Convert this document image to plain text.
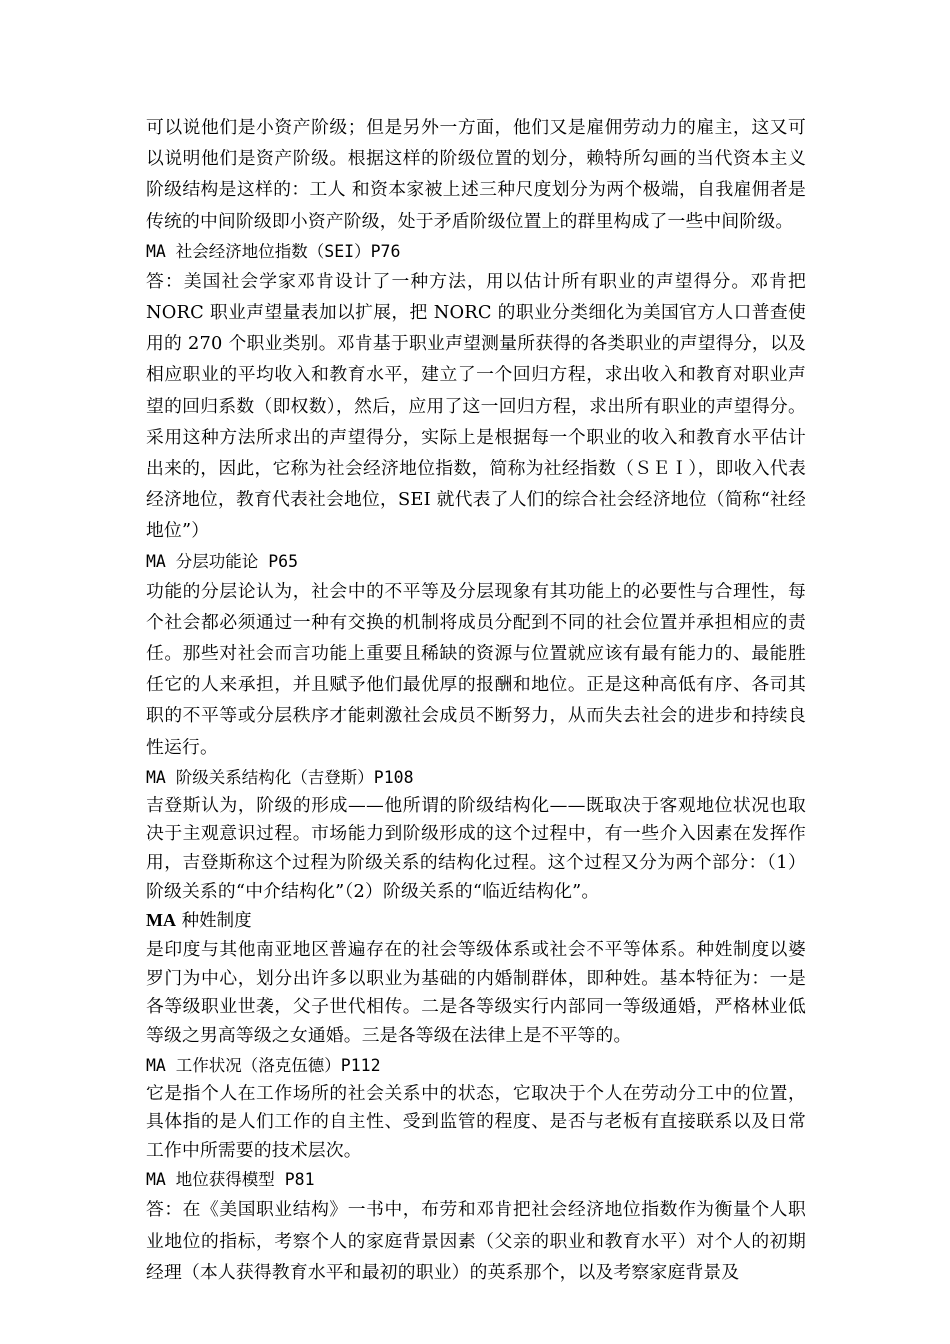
可以说他们是小资产阶级；但是另外一方面，他们又是雇佣劳动力的雇主，这又可以说明他们是资产阶级。根据这样的阶级位置的划分，赖特所勾画的当代资本主义阶级结构是这样的：工人 和资本家被上述三种尺度划分为两个极端，自我雇佣者是传统的中间阶级即小资产阶级，处于矛盾阶级位置上的群里构成了一些中间阶级。

MA 社会经济地位指数（SEI）P76

答：美国社会学家邓肯设计了一种方法，用以估计所有职业的声望得分。邓肯把 NORC 职业声望量表加以扩展，把 NORC 的职业分类细化为美国官方人口普查使用的 270 个职业类别。邓肯基于职业声望测量所获得的各类职业的声望得分，以及相应职业的平均收入和教育水平，建立了一个回归方程，求出收入和教育对职业声望的回归系数（即权数），然后，应用了这一回归方程，求出所有职业的声望得分。采用这种方法所求出的声望得分，实际上是根据每一个职业的收入和教育水平估计出来的，因此，它称为社会经济地位指数，简称为社经指数（ＳＥＩ），即收入代表经济地位，教育代表社会地位，SEI 就代表了人们的综合社会经济地位（简称“社经地位”）

MA 分层功能论 P65

功能的分层论认为，社会中的不平等及分层现象有其功能上的必要性与合理性，每个社会都必须通过一种有交换的机制将成员分配到不同的社会位置并承担相应的责任。那些对社会而言功能上重要且稀缺的资源与位置就应该有最有能力的、最能胜任它的人来承担，并且赋予他们最优厚的报酬和地位。正是这种高低有序、各司其职的不平等或分层秩序才能刺激社会成员不断努力，从而失去社会的进步和持续良性运行。

MA 阶级关系结构化（吉登斯）P108

吉登斯认为，阶级的形成——他所谓的阶级结构化——既取决于客观地位状况也取决于主观意识过程。市场能力到阶级形成的这个过程中，有一些介入因素在发挥作用，吉登斯称这个过程为阶级关系的结构化过程。这个过程又分为两个部分：（1）阶级关系的“中介结构化”（2）阶级关系的“临近结构化”。

MA 种姓制度

是印度与其他南亚地区普遍存在的社会等级体系或社会不平等体系。种姓制度以婆罗门为中心，划分出许多以职业为基础的内婚制群体，即种姓。基本特征为：一是各等级职业世袭，父子世代相传。二是各等级实行内部同一等级通婚，严格林业低等级之男高等级之女通婚。三是各等级在法律上是不平等的。

MA 工作状况（洛克伍德）P112

它是指个人在工作场所的社会关系中的状态，它取决于个人在劳动分工中的位置，具体指的是人们工作的自主性、受到监管的程度、是否与老板有直接联系以及日常工作中所需要的技术层次。

MA 地位获得模型 P81

答：在《美国职业结构》一书中，布劳和邓肯把社会经济地位指数作为衡量个人职业地位的指标，考察个人的家庭背景因素（父亲的职业和教育水平）对个人的初期经理（本人获得教育水平和最初的职业）的英系那个，以及考察家庭背景及
